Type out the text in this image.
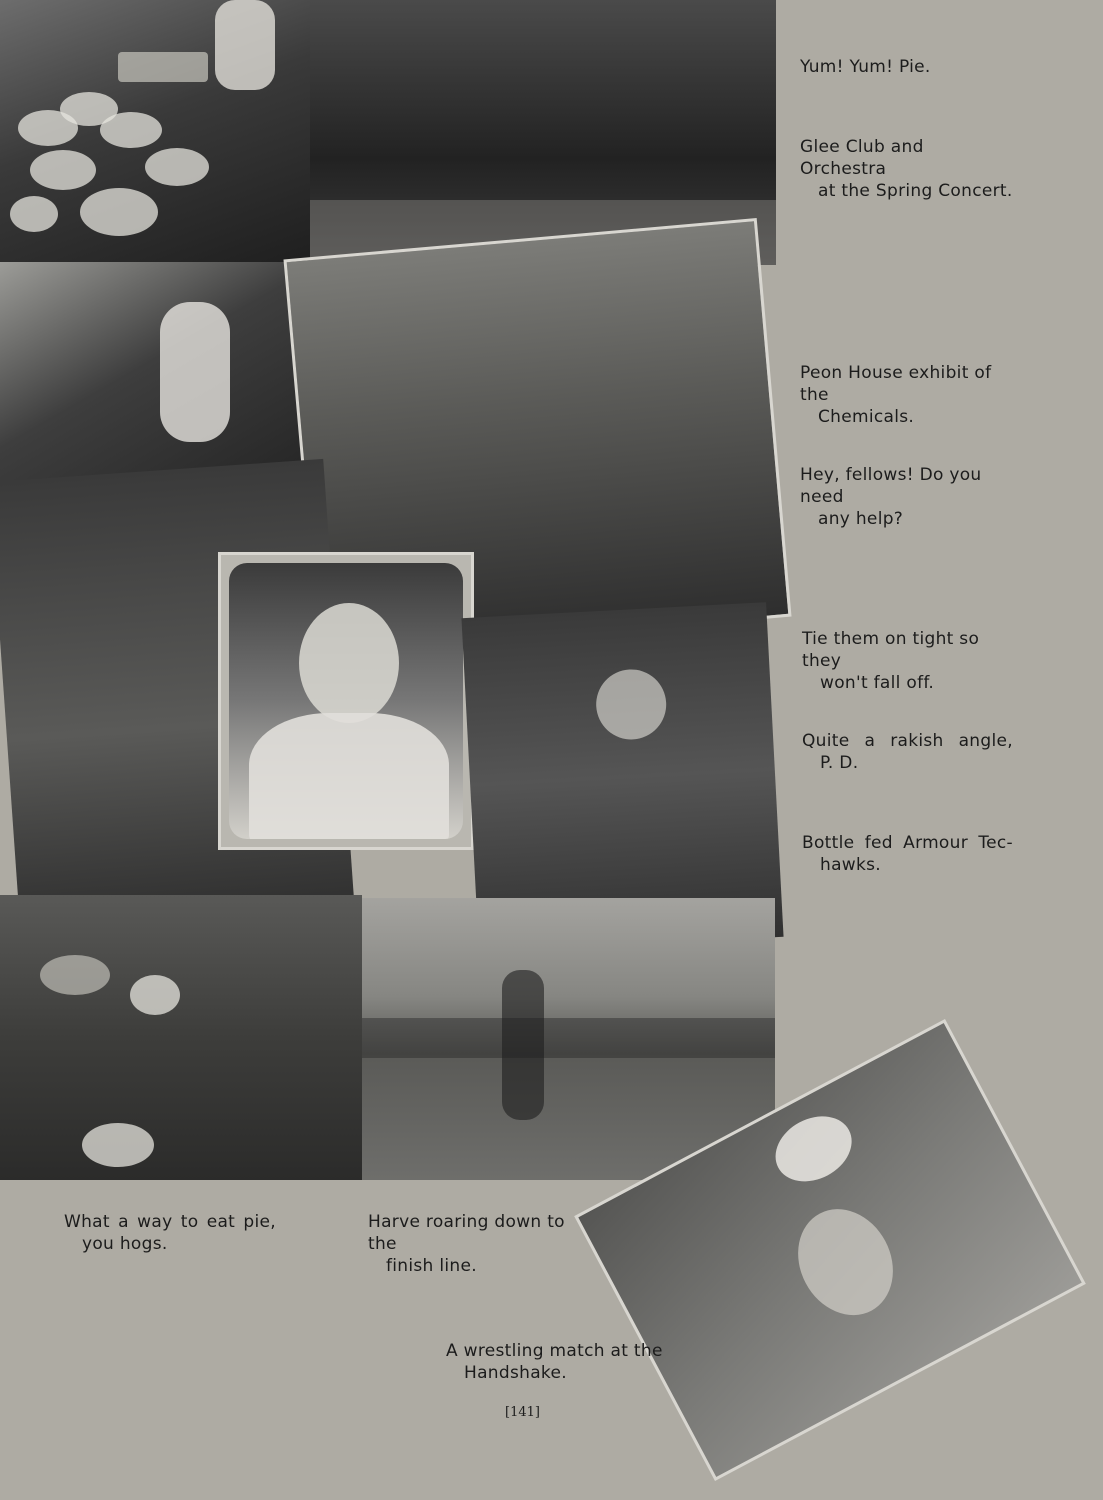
Yum! Yum! Pie.

Glee Club and Orchestra
at the Spring Concert.

Peon House exhibit of the
Chemicals.

Hey, fellows! Do you need
any help?

Tie them on tight so they
won't fall off.

Quite a rakish angle,
P. D.

Bottle fed Armour Tec-
hawks.

What a way to eat pie,
you hogs.

Harve roaring down to the
finish line.

A wrestling match at the
Handshake.

[141]
